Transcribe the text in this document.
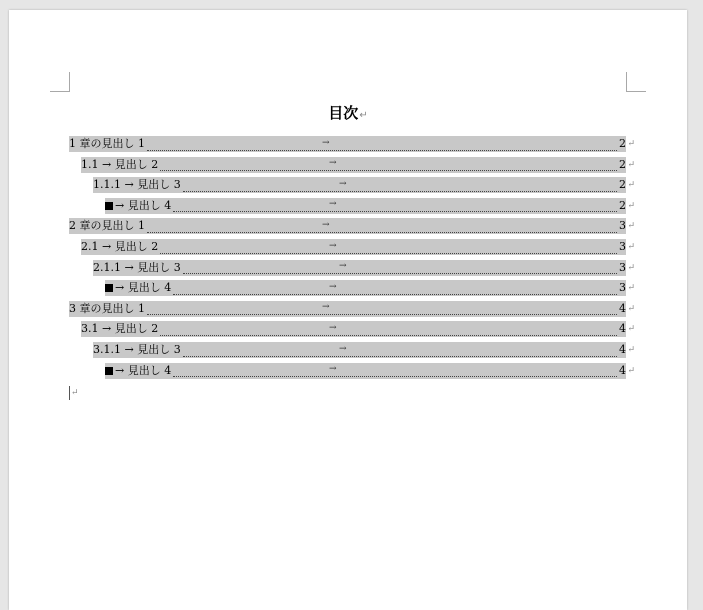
目次↵
1 章の見出し 1	→	2 ↵
1.1 → 見出し 2	→	2 ↵
1.1.1 → 見出し 3	→	2 ↵
→ 見出し 4	→	2 ↵
2 章の見出し 1	→	3 ↵
2.1 → 見出し 2	→	3 ↵
2.1.1 → 見出し 3	→	3 ↵
→ 見出し 4	→	3 ↵
3 章の見出し 1	→	4 ↵
3.1 → 見出し 2	→	4 ↵
3.1.1 → 見出し 3	→	4 ↵
→ 見出し 4	→	4 ↵
↵
